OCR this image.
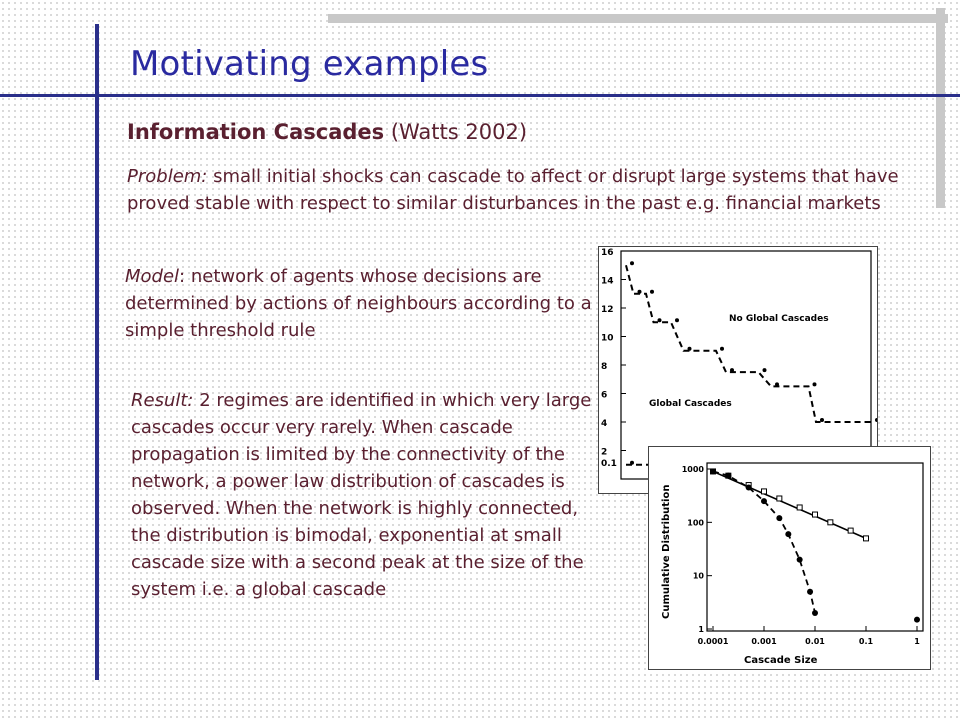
Motivating examples
Information Cascades (Watts 2002)
Problem: small initial shocks can cascade to affect or disrupt large systems that have proved stable with respect to similar disturbances in the past e.g. financial markets
Model: network of agents whose decisions are determined by actions of neighbours according to a simple threshold rule
Result: 2 regimes are identified in which very large cascades occur very rarely. When cascade propagation is limited by the connectivity of the network, a power law distribution of cascades is observed. When the network is highly connected, the distribution is bimodal, exponential at small cascade size with a second peak at the size of the system i.e. a global cascade
16
14
12
10
8
6
4
2
No Global Cascades
Global Cascades
0.1
0.0001	0.001	0.01	0.1	1
1000
100
10
1
Cascade Size
Cumulative Distribution
